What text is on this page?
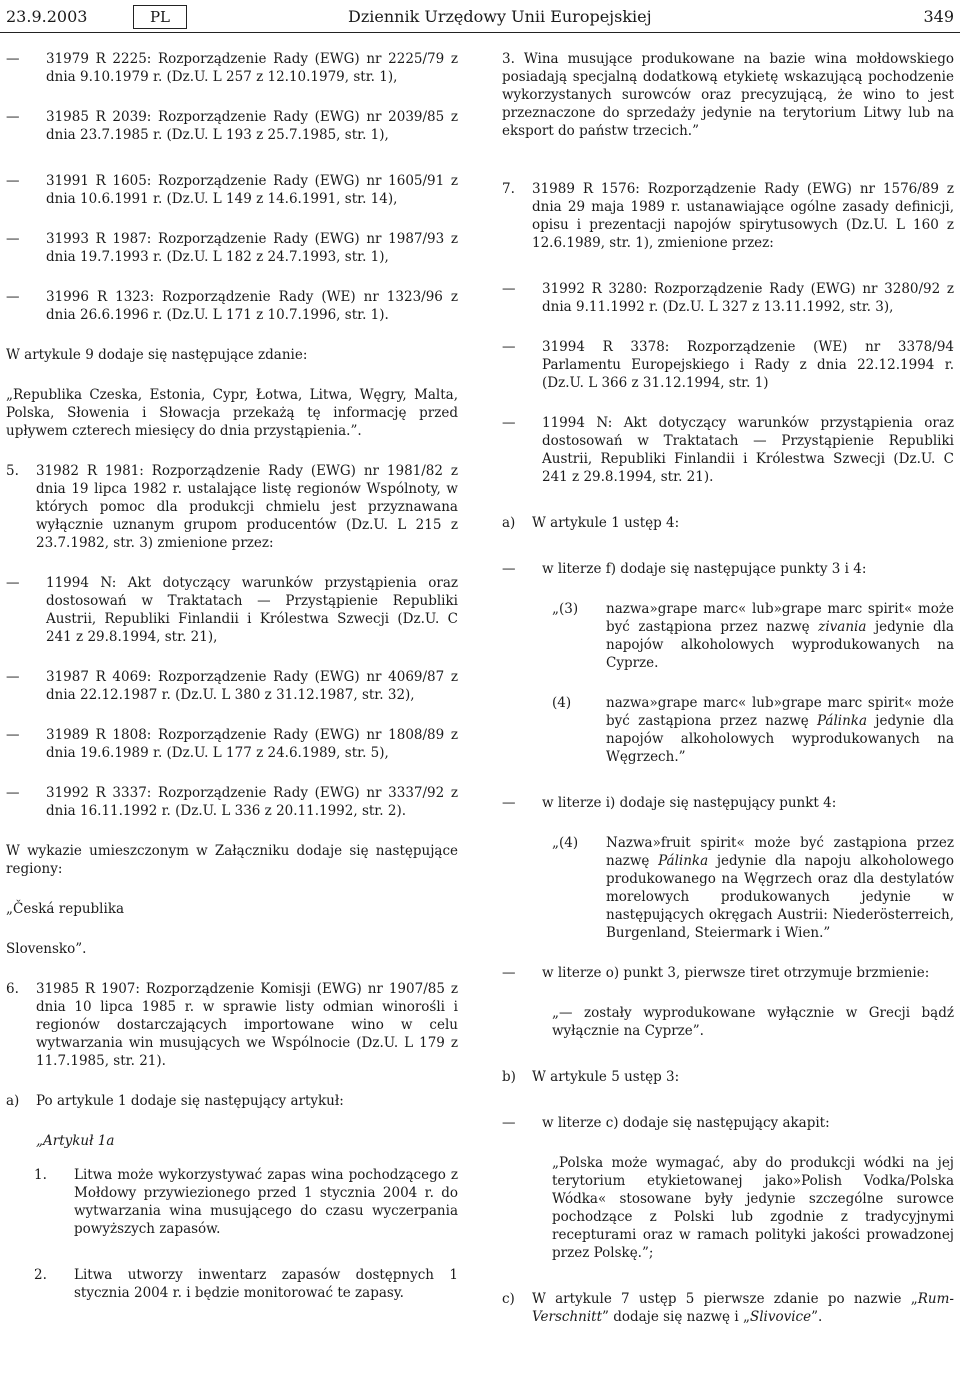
23.9.2003	PL	Dziennik Urzędowy Unii Europejskiej	349

— 31979 R 2225: Rozporządzenie Rady (EWG) nr 2225/79 z dnia 9.10.1979 r. (Dz.U. L 257 z 12.10.1979, str. 1),

— 31985 R 2039: Rozporządzenie Rady (EWG) nr 2039/85 z dnia 23.7.1985 r. (Dz.U. L 193 z 25.7.1985, str. 1),

— 31991 R 1605: Rozporządzenie Rady (EWG) nr 1605/91 z dnia 10.6.1991 r. (Dz.U. L 149 z 14.6.1991, str. 14),

— 31993 R 1987: Rozporządzenie Rady (EWG) nr 1987/93 z dnia 19.7.1993 r. (Dz.U. L 182 z 24.7.1993, str. 1),

— 31996 R 1323: Rozporządzenie Rady (WE) nr 1323/96 z dnia 26.6.1996 r. (Dz.U. L 171 z 10.7.1996, str. 1).

W artykule 9 dodaje się następujące zdanie:

„Republika Czeska, Estonia, Cypr, Łotwa, Litwa, Węgry, Malta, Polska, Słowenia i Słowacja przekażą tę informację przed upływem czterech miesięcy do dnia przystąpienia.”.

5. 31982 R 1981: Rozporządzenie Rady (EWG) nr 1981/82 z dnia 19 lipca 1982 r. ustalające listę regionów Wspólnoty, w których pomoc dla produkcji chmielu jest przyznawana wyłącznie uznanym grupom producentów (Dz.U. L 215 z 23.7.1982, str. 3) zmienione przez:

— 11994 N: Akt dotyczący warunków przystąpienia oraz dostosowań w Traktatach — Przystąpienie Republiki Austrii, Republiki Finlandii i Królestwa Szwecji (Dz.U. C 241 z 29.8.1994, str. 21),

— 31987 R 4069: Rozporządzenie Rady (EWG) nr 4069/87 z dnia 22.12.1987 r. (Dz.U. L 380 z 31.12.1987, str. 32),

— 31989 R 1808: Rozporządzenie Rady (EWG) nr 1808/89 z dnia 19.6.1989 r. (Dz.U. L 177 z 24.6.1989, str. 5),

— 31992 R 3337: Rozporządzenie Rady (EWG) nr 3337/92 z dnia 16.11.1992 r. (Dz.U. L 336 z 20.11.1992, str. 2).

W wykazie umieszczonym w Załączniku dodaje się następujące regiony:

„Česká republika

Slovensko”.

6. 31985 R 1907: Rozporządzenie Komisji (EWG) nr 1907/85 z dnia 10 lipca 1985 r. w sprawie listy odmian winorośli i regionów dostarczających importowane wino w celu wytwarzania win musujących we Wspólnocie (Dz.U. L 179 z 11.7.1985, str. 21).

a) Po artykule 1 dodaje się następujący artykuł:

„Artykuł 1a

1. Litwa może wykorzystywać zapas wina pochodzącego z Mołdowy przywiezionego przed 1 stycznia 2004 r. do wytwarzania wina musującego do czasu wyczerpania powyższych zapasów.

2. Litwa utworzy inwentarz zapasów dostępnych 1 stycznia 2004 r. i będzie monitorować te zapasy.

3. Wina musujące produkowane na bazie wina mołdowskiego posiadają specjalną dodatkową etykietę wskazującą pochodzenie wykorzystanych surowców oraz precyzującą, że wino to jest przeznaczone do sprzedaży jedynie na terytorium Litwy lub na eksport do państw trzecich.”

7. 31989 R 1576: Rozporządzenie Rady (EWG) nr 1576/89 z dnia 29 maja 1989 r. ustanawiające ogólne zasady definicji, opisu i prezentacji napojów spirytusowych (Dz.U. L 160 z 12.6.1989, str. 1), zmienione przez:

— 31992 R 3280: Rozporządzenie Rady (EWG) nr 3280/92 z dnia 9.11.1992 r. (Dz.U. L 327 z 13.11.1992, str. 3),

— 31994 R 3378: Rozporządzenie (WE) nr 3378/94 Parlamentu Europejskiego i Rady z dnia 22.12.1994 r. (Dz.U. L 366 z 31.12.1994, str. 1)

— 11994 N: Akt dotyczący warunków przystąpienia oraz dostosowań w Traktatach — Przystąpienie Republiki Austrii, Republiki Finlandii i Królestwa Szwecji (Dz.U. C 241 z 29.8.1994, str. 21).

a) W artykule 1 ustęp 4:

— w literze f) dodaje się następujące punkty 3 i 4:

„(3) nazwa»grape marc« lub»grape marc spirit« może być zastąpiona przez nazwę zivania jedynie dla napojów alkoholowych wyprodukowanych na Cyprze.

(4)	nazwa»grape marc« lub»grape marc spirit« może być zastąpiona przez nazwę Pálinka jedynie dla napojów alkoholowych wyprodukowanych na Węgrzech.”

— w literze i) dodaje się następujący punkt 4:

„(4) Nazwa»fruit spirit« może być zastąpiona przez nazwę Pálinka jedynie dla napoju alkoholowego produkowanego na Węgrzech oraz dla destylatów morelowych produkowanych jedynie w następujących okręgach Austrii: Niederösterreich, Burgenland, Steiermark i Wien.”

— w literze o) punkt 3, pierwsze tiret otrzymuje brzmienie:

„— zostały wyprodukowane wyłącznie w Grecji bądź wyłącznie na Cyprze”.

b) W artykule 5 ustęp 3:

— w literze c) dodaje się następujący akapit:

„Polska może wymagać, aby do produkcji wódki na jej terytorium etykietowanej jako»Polish Vodka/Polska Wódka« stosowane były jedynie szczególne surowce pochodzące z Polski lub zgodnie z tradycyjnymi recepturami oraz w ramach polityki jakości prowadzonej przez Polskę.”;

c) W artykule 7 ustęp 5 pierwsze zdanie po nazwie „Rum-Verschnitt” dodaje się nazwę i „Slivovice”.
